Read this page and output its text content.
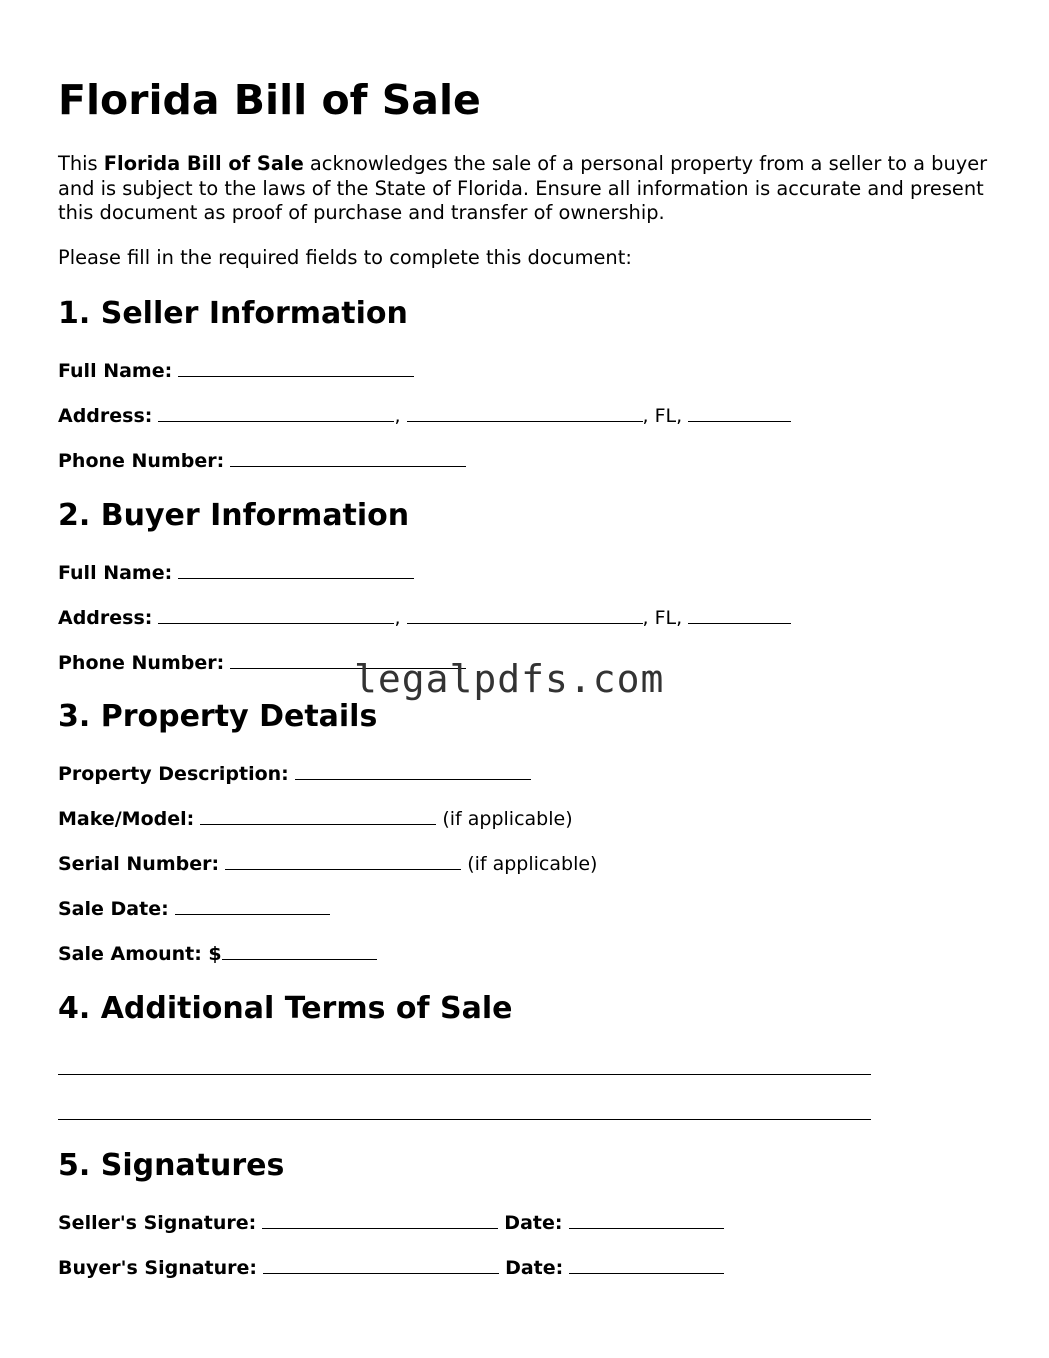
Florida Bill of Sale

This Florida Bill of Sale acknowledges the sale of a personal property from a seller to a buyer and is subject to the laws of the State of Florida. Ensure all information is accurate and present this document as proof of purchase and transfer of ownership.

Please fill in the required fields to complete this document:

1. Seller Information
Full Name:
Address:	,	, FL,
Phone Number:
2. Buyer Information
Full Name:
Address:	,	, FL,
Phone Number:
3. Property Details
Property Description:
Make/Model:	(if applicable)
Serial Number:	(if applicable)
Sale Date:
Sale Amount: $
4. Additional Terms of Sale
5. Signatures
Seller's Signature:	Date:
Buyer's Signature:	Date:
legalpdfs.com
